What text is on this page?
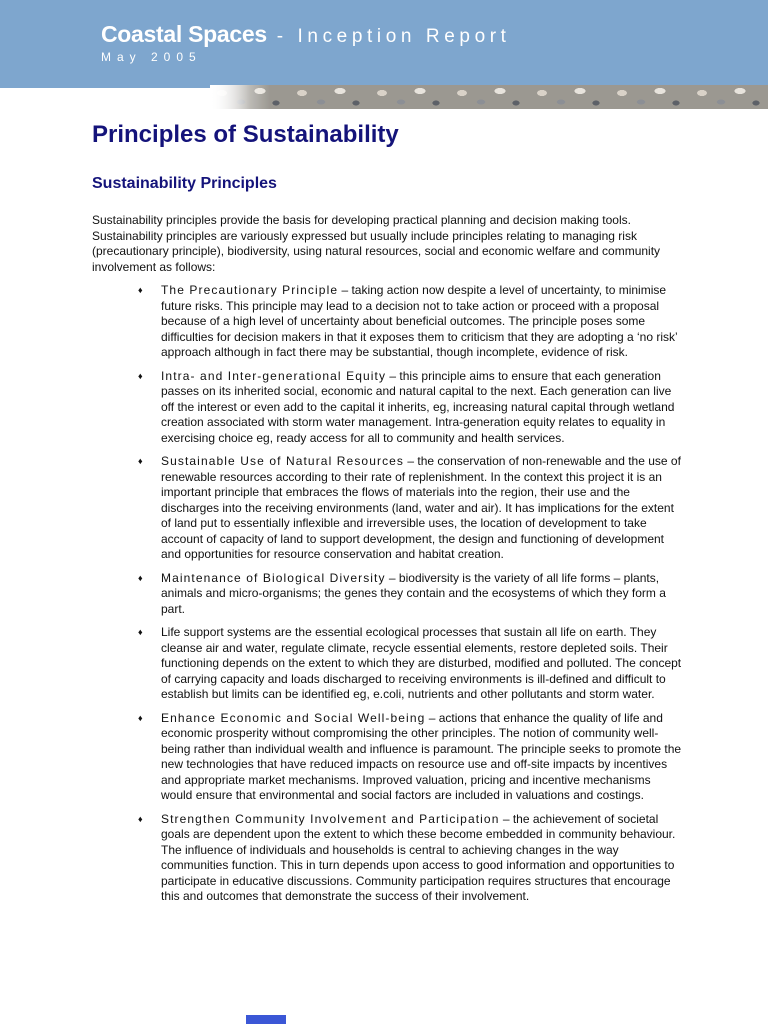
Coastal Spaces - Inception Report
May 2005
Principles of Sustainability
Sustainability Principles

Sustainability principles provide the basis for developing practical planning and decision making tools. Sustainability principles are variously expressed but usually include principles relating to managing risk (precautionary principle), biodiversity, using natural resources, social and economic welfare and community involvement as follows:

♦ The Precautionary Principle – taking action now despite a level of uncertainty, to minimise future risks. This principle may lead to a decision not to take action or proceed with a proposal because of a high level of uncertainty about beneficial outcomes. The principle poses some difficulties for decision makers in that it exposes them to criticism that they are adopting a ‘no risk’ approach although in fact there may be substantial, though incomplete, evidence of risk.
♦ Intra- and Inter-generational Equity – this principle aims to ensure that each generation passes on its inherited social, economic and natural capital to the next. Each generation can live off the interest or even add to the capital it inherits, eg, increasing natural capital through wetland creation associated with storm water management. Intra-generation equity relates to equality in exercising choice eg, ready access for all to community and health services.
♦ Sustainable Use of Natural Resources – the conservation of non-renewable and the use of renewable resources according to their rate of replenishment. In the context this project it is an important principle that embraces the flows of materials into the region, their use and the discharges into the receiving environments (land, water and air). It has implications for the extent of land put to essentially inflexible and irreversible uses, the location of development to take account of capacity of land to support development, the design and functioning of development and opportunities for resource conservation and habitat creation.
♦ Maintenance of Biological Diversity – biodiversity is the variety of all life forms – plants, animals and micro-organisms; the genes they contain and the ecosystems of which they form a part.
♦ Life support systems are the essential ecological processes that sustain all life on earth. They cleanse air and water, regulate climate, recycle essential elements, restore depleted soils. Their functioning depends on the extent to which they are disturbed, modified and polluted. The concept of carrying capacity and loads discharged to receiving environments is ill-defined and difficult to establish but limits can be identified eg, e.coli, nutrients and other pollutants and storm water.
♦ Enhance Economic and Social Well-being – actions that enhance the quality of life and economic prosperity without compromising the other principles. The notion of community well-being rather than individual wealth and influence is paramount. The principle seeks to promote the new technologies that have reduced impacts on resource use and off-site impacts by incentives and appropriate market mechanisms. Improved valuation, pricing and incentive mechanisms would ensure that environmental and social factors are included in valuations and costings.
♦ Strengthen Community Involvement and Participation – the achievement of societal goals are dependent upon the extent to which these become embedded in community behaviour. The influence of individuals and households is central to achieving changes in the way communities function. This in turn depends upon access to good information and opportunities to participate in educative discussions. Community participation requires structures that encourage this and outcomes that demonstrate the success of their involvement.
